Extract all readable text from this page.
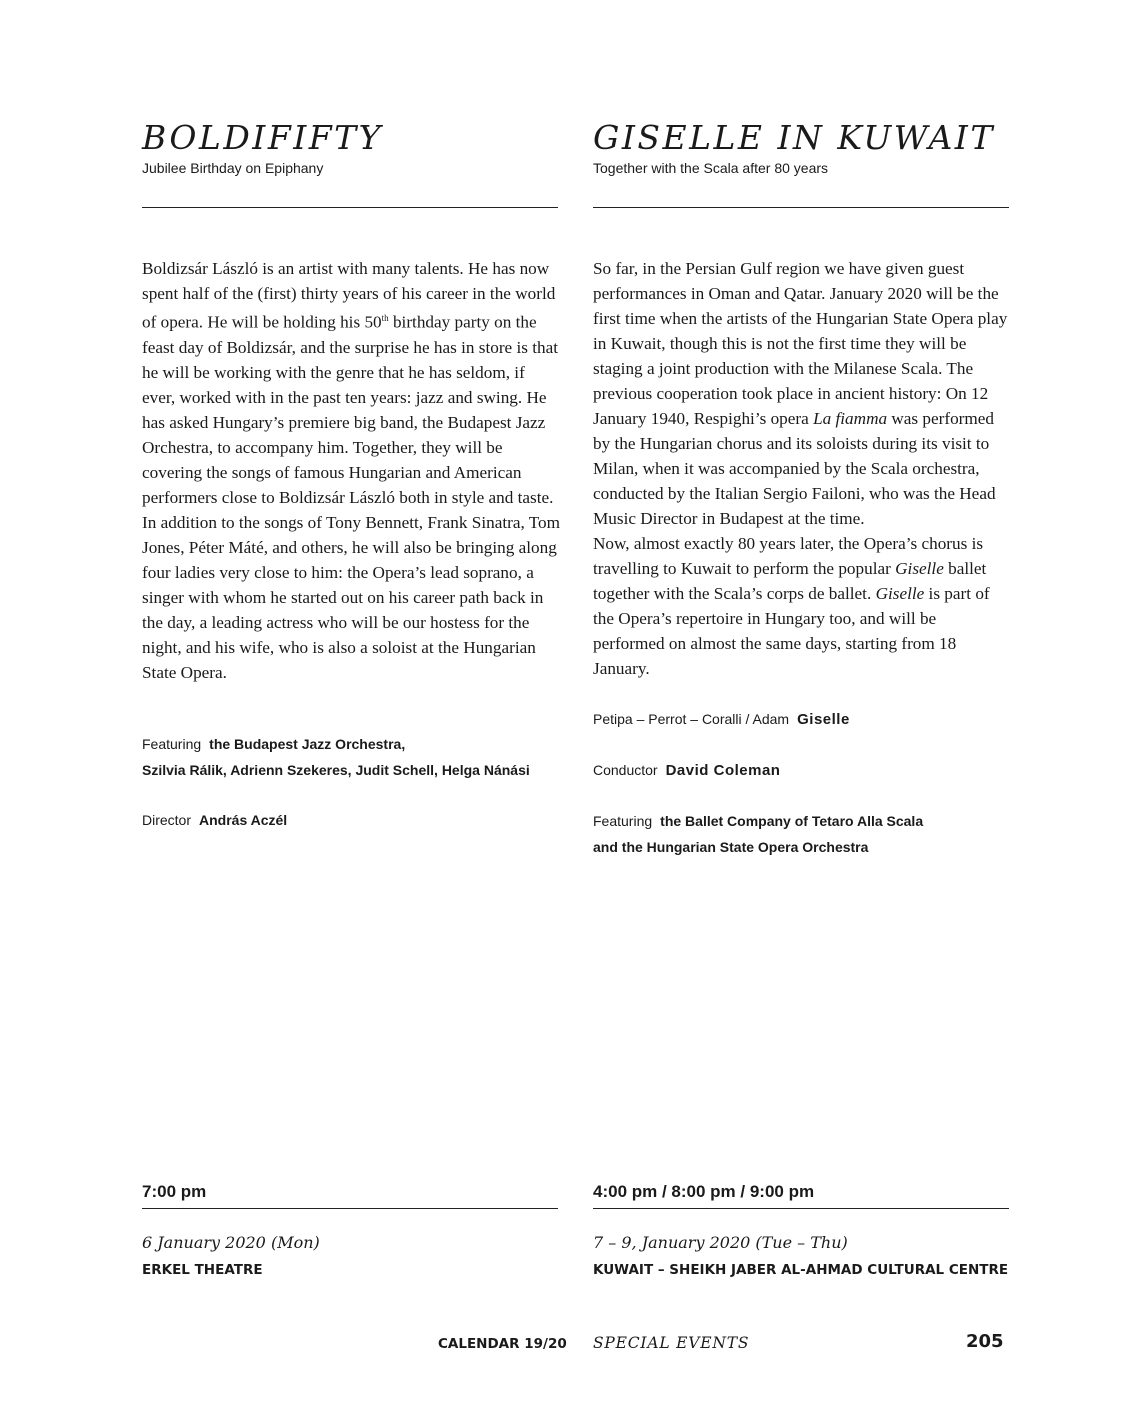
BOLDIFIFTY
Jubilee Birthday on Epiphany

Boldizsár László is an artist with many talents. He has now spent half of the (first) thirty years of his career in the world of opera. He will be holding his 50th birthday party on the feast day of Boldizsár, and the surprise he has in store is that he will be working with the genre that he has seldom, if ever, worked with in the past ten years: jazz and swing. He has asked Hungary’s premiere big band, the Budapest Jazz Orchestra, to accompany him. Together, they will be covering the songs of famous Hungarian and American performers close to Boldizsár László both in style and taste. In addition to the songs of Tony Bennett, Frank Sinatra, Tom Jones, Péter Máté, and others, he will also be bringing along four ladies very close to him: the Opera’s lead soprano, a singer with whom he started out on his career path back in the day, a leading actress who will be our hostess for the night, and his wife, who is also a soloist at the Hungarian State Opera.

Featuring the Budapest Jazz Orchestra,
Szilvia Rálik, Adrienn Szekeres, Judit Schell, Helga Nánási
Director András Aczél
7:00 pm
6 January 2020 (Mon)
ERKEL THEATRE
GISELLE IN KUWAIT
Together with the Scala after 80 years

So far, in the Persian Gulf region we have given guest performances in Oman and Qatar. January 2020 will be the first time when the artists of the Hungarian State Opera play in Kuwait, though this is not the first time they will be staging a joint production with the Milanese Scala. The previous cooperation took place in ancient history: On 12 January 1940, Respighi’s opera La fiamma was performed by the Hungarian chorus and its soloists during its visit to Milan, when it was accompanied by the Scala orchestra, conducted by the Italian Sergio Failoni, who was the Head Music Director in Budapest at the time.

Now, almost exactly 80 years later, the Opera’s chorus is travelling to Kuwait to perform the popular Giselle ballet together with the Scala’s corps de ballet. Giselle is part of the Opera’s repertoire in Hungary too, and will be performed on almost the same days, starting from 18 January.

Petipa – Perrot – Coralli / Adam Giselle
Conductor David Coleman
Featuring the Ballet Company of Tetaro Alla Scala
and the Hungarian State Opera Orchestra
4:00 pm / 8:00 pm / 9:00 pm
7 – 9, January 2020 (Tue – Thu)
KUWAIT – SHEIKH JABER AL-AHMAD CULTURAL CENTRE
CALENDAR 19/20 SPECIAL EVENTS	205
